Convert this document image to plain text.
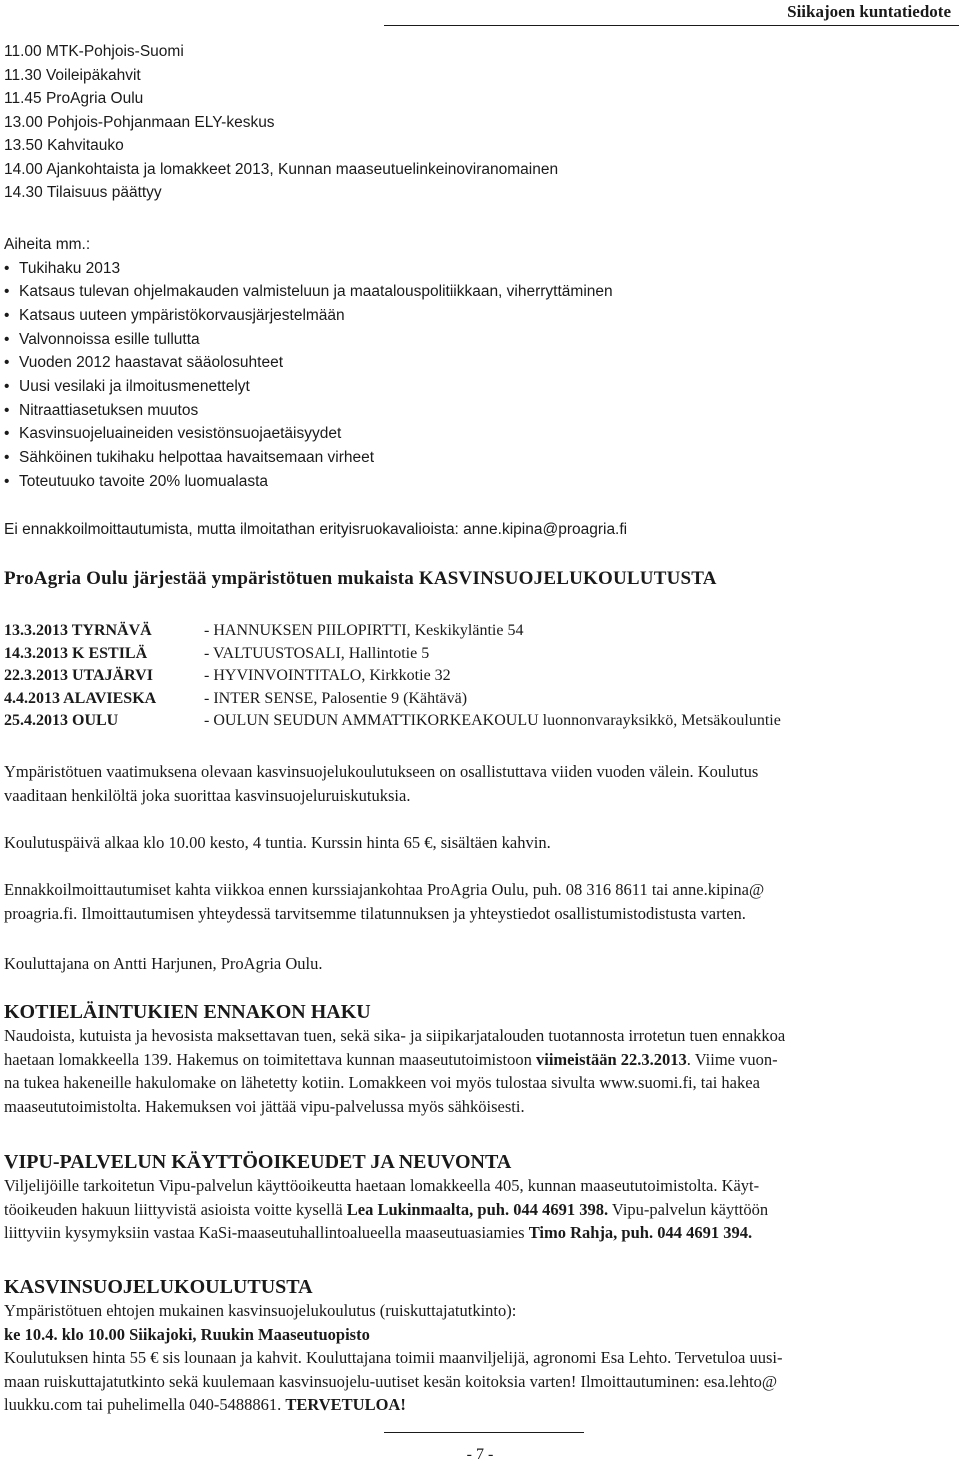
Siikajoen kuntatiedote
11.00 MTK-Pohjois-Suomi
11.30 Voileipäkahvit
11.45 ProAgria Oulu
13.00 Pohjois-Pohjanmaan ELY-keskus
13.50 Kahvitauko
14.00 Ajankohtaista ja lomakkeet 2013, Kunnan maaseutuelinkeinoviranomainen
14.30 Tilaisuus päättyy
Aiheita mm.:
• Tukihaku 2013
• Katsaus tulevan ohjelmakauden valmisteluun ja maatalouspolitiikkaan, viherryttäminen
• Katsaus uuteen ympäristökorvausjärjestelmään
• Valvonnoissa esille tullutta
• Vuoden 2012 haastavat sääolosuhteet
• Uusi vesilaki ja ilmoitusmenettelyt
• Nitraattiasetuksen muutos
• Kasvinsuojeluaineiden vesistönsuojaetäisyydet
• Sähköinen tukihaku helpottaa havaitsemaan virheet
• Toteutuuko tavoite 20% luomualasta
Ei ennakkoilmoittautumista, mutta ilmoitathan erityisruokavalioista: anne.kipina@proagria.fi
ProAgria Oulu järjestää ympäristötuen mukaista KASVINSUOJELUKOULUTUSTA
13.3.2013 TYRNÄVÄ	- HANNUKSEN PIILOPIRTTI, Keskikyläntie 54
14.3.2013 K ESTILÄ	- VALTUUSTOSALI, Hallintotie 5
22.3.2013 UTAJÄRVI	- HYVINVOINTITALO, Kirkkotie 32
4.4.2013 ALAVIESKA	- INTER SENSE, Palosentie 9 (Kähtävä)
25.4.2013 OULU	- OULUN SEUDUN AMMATTIKORKEAKOULU luonnonvarayksikkö, Metsäkouluntie
Ympäristötuen vaatimuksena olevaan kasvinsuojelukoulutukseen on osallistuttava viiden vuoden välein. Koulutus
vaaditaan henkilöltä joka suorittaa kasvinsuojeluruiskutuksia.
Koulutuspäivä alkaa klo 10.00 kesto, 4 tuntia. Kurssin hinta 65 €, sisältäen kahvin.
Ennakkoilmoittautumiset kahta viikkoa ennen kurssiajankohtaa ProAgria Oulu, puh. 08 316 8611 tai anne.kipina@
proagria.fi. Ilmoittautumisen yhteydessä tarvitsemme tilatunnuksen ja yhteystiedot osallistumistodistusta varten.
Kouluttajana on Antti Harjunen, ProAgria Oulu.
KOTIELÄINTUKIEN ENNAKON HAKU
Naudoista, kutuista ja hevosista maksettavan tuen, sekä sika- ja siipikarjatalouden tuotannosta irrotetun tuen ennakkoa
haetaan lomakkeella 139. Hakemus on toimitettava kunnan maaseututoimistoon viimeistään 22.3.2013. Viime vuon-
na tukea hakeneille hakulomake on lähetetty kotiin. Lomakkeen voi myös tulostaa sivulta www.suomi.fi, tai hakea
maaseututoimistolta. Hakemuksen voi jättää vipu-palvelussa myös sähköisesti.
VIPU-PALVELUN KÄYTTÖOIKEUDET JA NEUVONTA
Viljelijöille tarkoitetun Vipu-palvelun käyttöoikeutta haetaan lomakkeella 405, kunnan maaseututoimistolta. Käyt-
töoikeuden hakuun liittyvistä asioista voitte kysellä Lea Lukinmaalta, puh. 044 4691 398. Vipu-palvelun käyttöön
liittyviin kysymyksiin vastaa KaSi-maaseutuhallintoalueella maaseutuasiamies Timo Rahja, puh. 044 4691 394.
KASVINSUOJELUKOULUTUSTA
Ympäristötuen ehtojen mukainen kasvinsuojelukoulutus (ruiskuttajatutkinto):
ke 10.4. klo 10.00 Siikajoki, Ruukin Maaseutuopisto
Koulutuksen hinta 55 € sis lounaan ja kahvit. Kouluttajana toimii maanviljelijä, agronomi Esa Lehto. Tervetuloa uusi-
maan ruiskuttajatutkinto sekä kuulemaan kasvinsuojelu-uutiset kesän koitoksia varten! Ilmoittautuminen: esa.lehto@
luukku.com tai puhelimella 040-5488861. TERVETULOA!
- 7 -
